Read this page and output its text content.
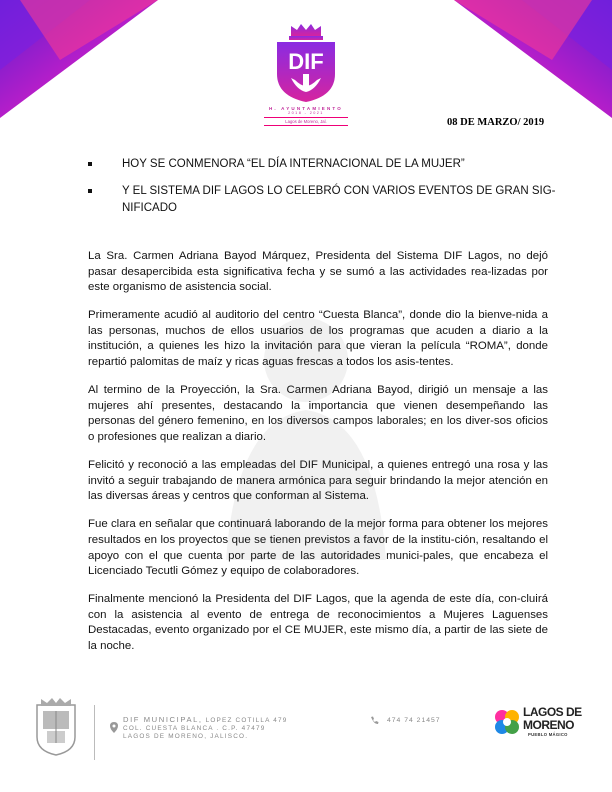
DIF
H. AYUNTAMIENTO
2018 - 2021
Lagos de Moreno, Jal.	08 DE MARZO/ 2019
HOY SE CONMENORA “EL DÍA INTERNACIONAL DE LA MUJER”
Y EL SISTEMA DIF LAGOS LO CELEBRÓ CON VARIOS EVENTOS DE GRAN SIG-NIFICADO

La Sra. Carmen Adriana Bayod Márquez, Presidenta del Sistema DIF Lagos, no dejó pasar desapercibida esta significativa fecha y se sumó a las actividades rea-lizadas por este organismo de asistencia social.

Primeramente acudió al auditorio del centro “Cuesta Blanca”, donde dio la bienve-nida a las personas, muchos de ellos usuarios de los programas que acuden a diario a la institución, a quienes les hizo la invitación para que vieran la película “ROMA”, donde repartió palomitas de maíz y ricas aguas frescas a todos los asis-tentes.

Al termino de la Proyección, la Sra. Carmen Adriana Bayod, dirigió un mensaje a las mujeres ahí presentes, destacando la importancia que vienen desempeñando las personas del género femenino, en los diversos campos laborales; en los diver-sos oficios o profesiones que realizan a diario.

Felicitó y reconoció a las empleadas del DIF Municipal, a quienes entregó una rosa y las invitó a seguir trabajando de manera armónica para seguir brindando la mejor atención en las diversas áreas y centros que conforman al Sistema.

Fue clara en señalar que continuará laborando de la mejor forma para obtener los mejores resultados en los proyectos que se tienen previstos a favor de la institu-ción, resaltando el apoyo con el que cuenta por parte de las autoridades munici-pales, que encabeza el Licenciado Tecutli Gómez y equipo de colaboradores.

Finalmente mencionó la Presidenta del DIF Lagos, que la agenda de este día, con-cluirá con la asistencia al evento de entrega de reconocimientos a Mujeres Laguenses Destacadas, evento organizado por el CE MUJER, este mismo día, a partir de las siete de la noche.

DIF MUNICIPAL, LOPEZ COTILLA 479
COL. CUESTA BLANCA . C.P. 47479
LAGOS DE MORENO, JALISCO.
474 74 21457
LAGOS DE
MORENO
PUEBLO MÁGICO
